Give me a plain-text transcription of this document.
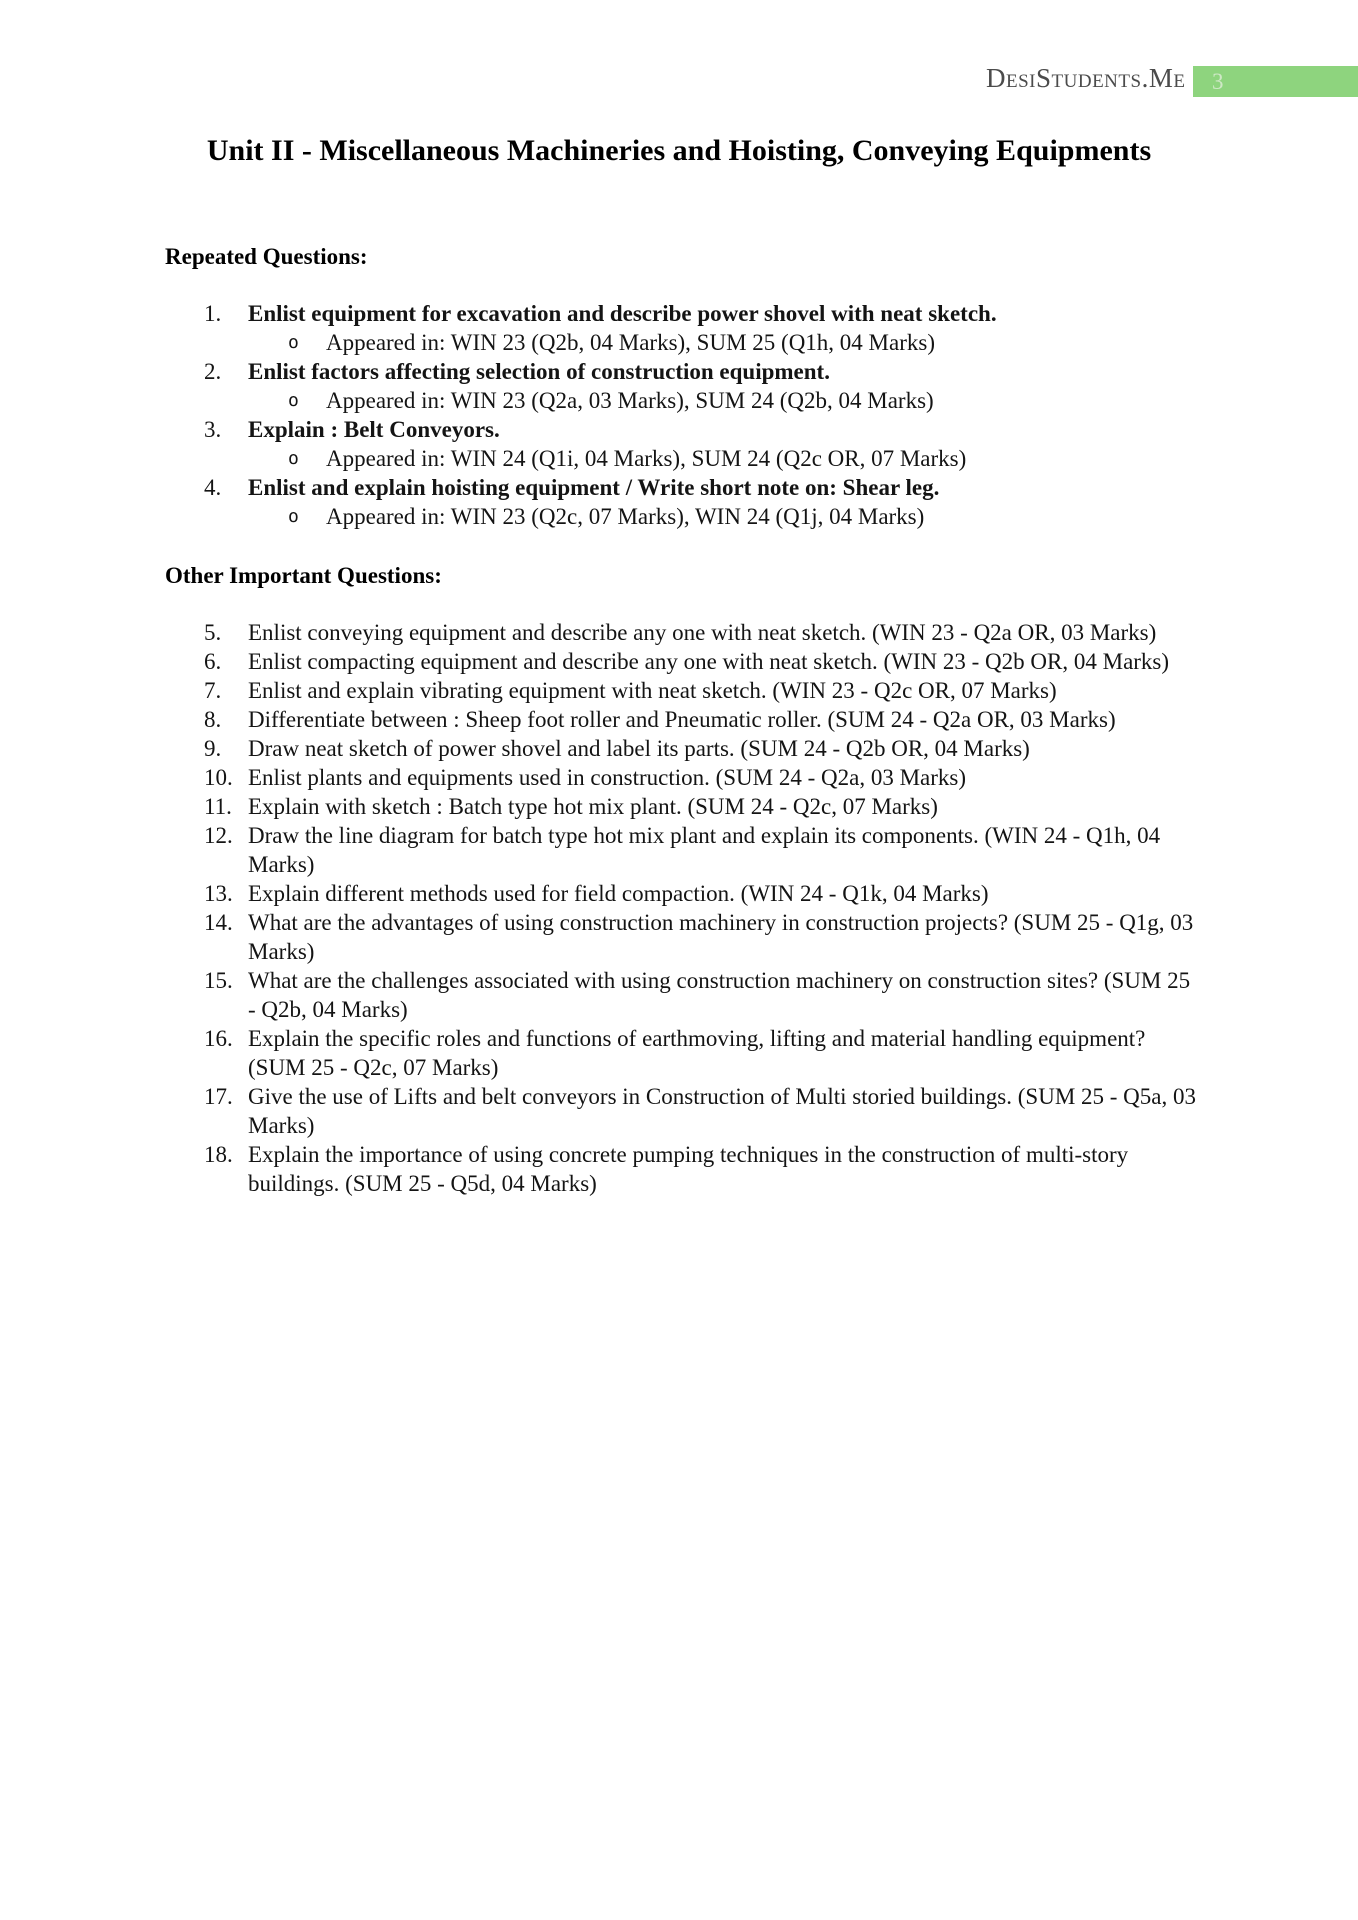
DesiStudents.Me 3
Unit II - Miscellaneous Machineries and Hoisting, Conveying Equipments
Repeated Questions:
1.	Enlist equipment for excavation and describe power shovel with neat sketch.
o	Appeared in: WIN 23 (Q2b, 04 Marks), SUM 25 (Q1h, 04 Marks)
2.	Enlist factors affecting selection of construction equipment.
o	Appeared in: WIN 23 (Q2a, 03 Marks), SUM 24 (Q2b, 04 Marks)
3.	Explain : Belt Conveyors.
o	Appeared in: WIN 24 (Q1i, 04 Marks), SUM 24 (Q2c OR, 07 Marks)
4.	Enlist and explain hoisting equipment / Write short note on: Shear leg.
o	Appeared in: WIN 23 (Q2c, 07 Marks), WIN 24 (Q1j, 04 Marks)
Other Important Questions:
5.	Enlist conveying equipment and describe any one with neat sketch. (WIN 23 - Q2a OR, 03 Marks)
6.	Enlist compacting equipment and describe any one with neat sketch. (WIN 23 - Q2b OR, 04 Marks)
7.	Enlist and explain vibrating equipment with neat sketch. (WIN 23 - Q2c OR, 07 Marks)
8.	Differentiate between : Sheep foot roller and Pneumatic roller. (SUM 24 - Q2a OR, 03 Marks)
9.	Draw neat sketch of power shovel and label its parts. (SUM 24 - Q2b OR, 04 Marks)
10. Enlist plants and equipments used in construction. (SUM 24 - Q2a, 03 Marks)
11. Explain with sketch : Batch type hot mix plant. (SUM 24 - Q2c, 07 Marks)
12. Draw the line diagram for batch type hot mix plant and explain its components. (WIN 24 - Q1h, 04 Marks)
13. Explain different methods used for field compaction. (WIN 24 - Q1k, 04 Marks)
14. What are the advantages of using construction machinery in construction projects? (SUM 25 - Q1g, 03 Marks)
15. What are the challenges associated with using construction machinery on construction sites? (SUM 25 - Q2b, 04 Marks)
16. Explain the specific roles and functions of earthmoving, lifting and material handling equipment? (SUM 25 - Q2c, 07 Marks)
17. Give the use of Lifts and belt conveyors in Construction of Multi storied buildings. (SUM 25 - Q5a, 03 Marks)
18. Explain the importance of using concrete pumping techniques in the construction of multi-story buildings. (SUM 25 - Q5d, 04 Marks)
